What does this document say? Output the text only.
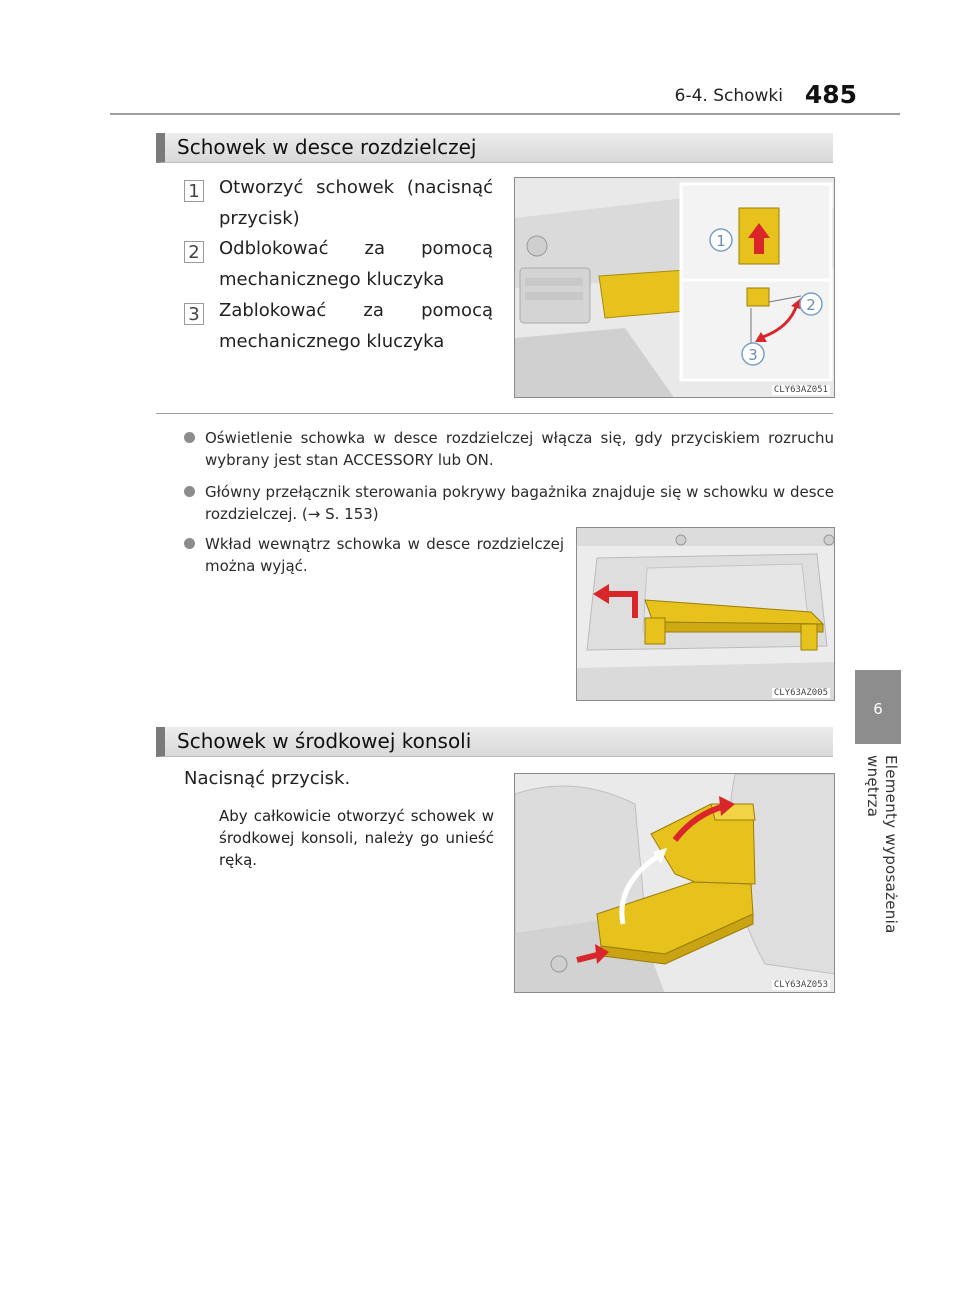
6-4. Schowki 485
6
Elementy wyposażenia wnętrza
Schowek w desce rozdzielczej
1 Otworzyć schowek (nacisnąć przycisk)
2 Odblokować za pomocą mechanicznego kluczyka
3 Zablokować za pomocą mechanicznego kluczyka
1
2
3
CLY63AZ051
Oświetlenie schowka w desce rozdzielczej włącza się, gdy przyciskiem rozruchu wybrany jest stan ACCESSORY lub ON.
Główny przełącznik sterowania pokrywy bagażnika znajduje się w schowku w desce rozdzielczej. (→ S. 153)
Wkład wewnątrz schowka w desce rozdzielczej można wyjąć.
CLY63AZ005
Schowek w środkowej konsoli
Nacisnąć przycisk.
Aby całkowicie otworzyć schowek w środkowej konsoli, należy go unieść ręką.
CLY63AZ053
